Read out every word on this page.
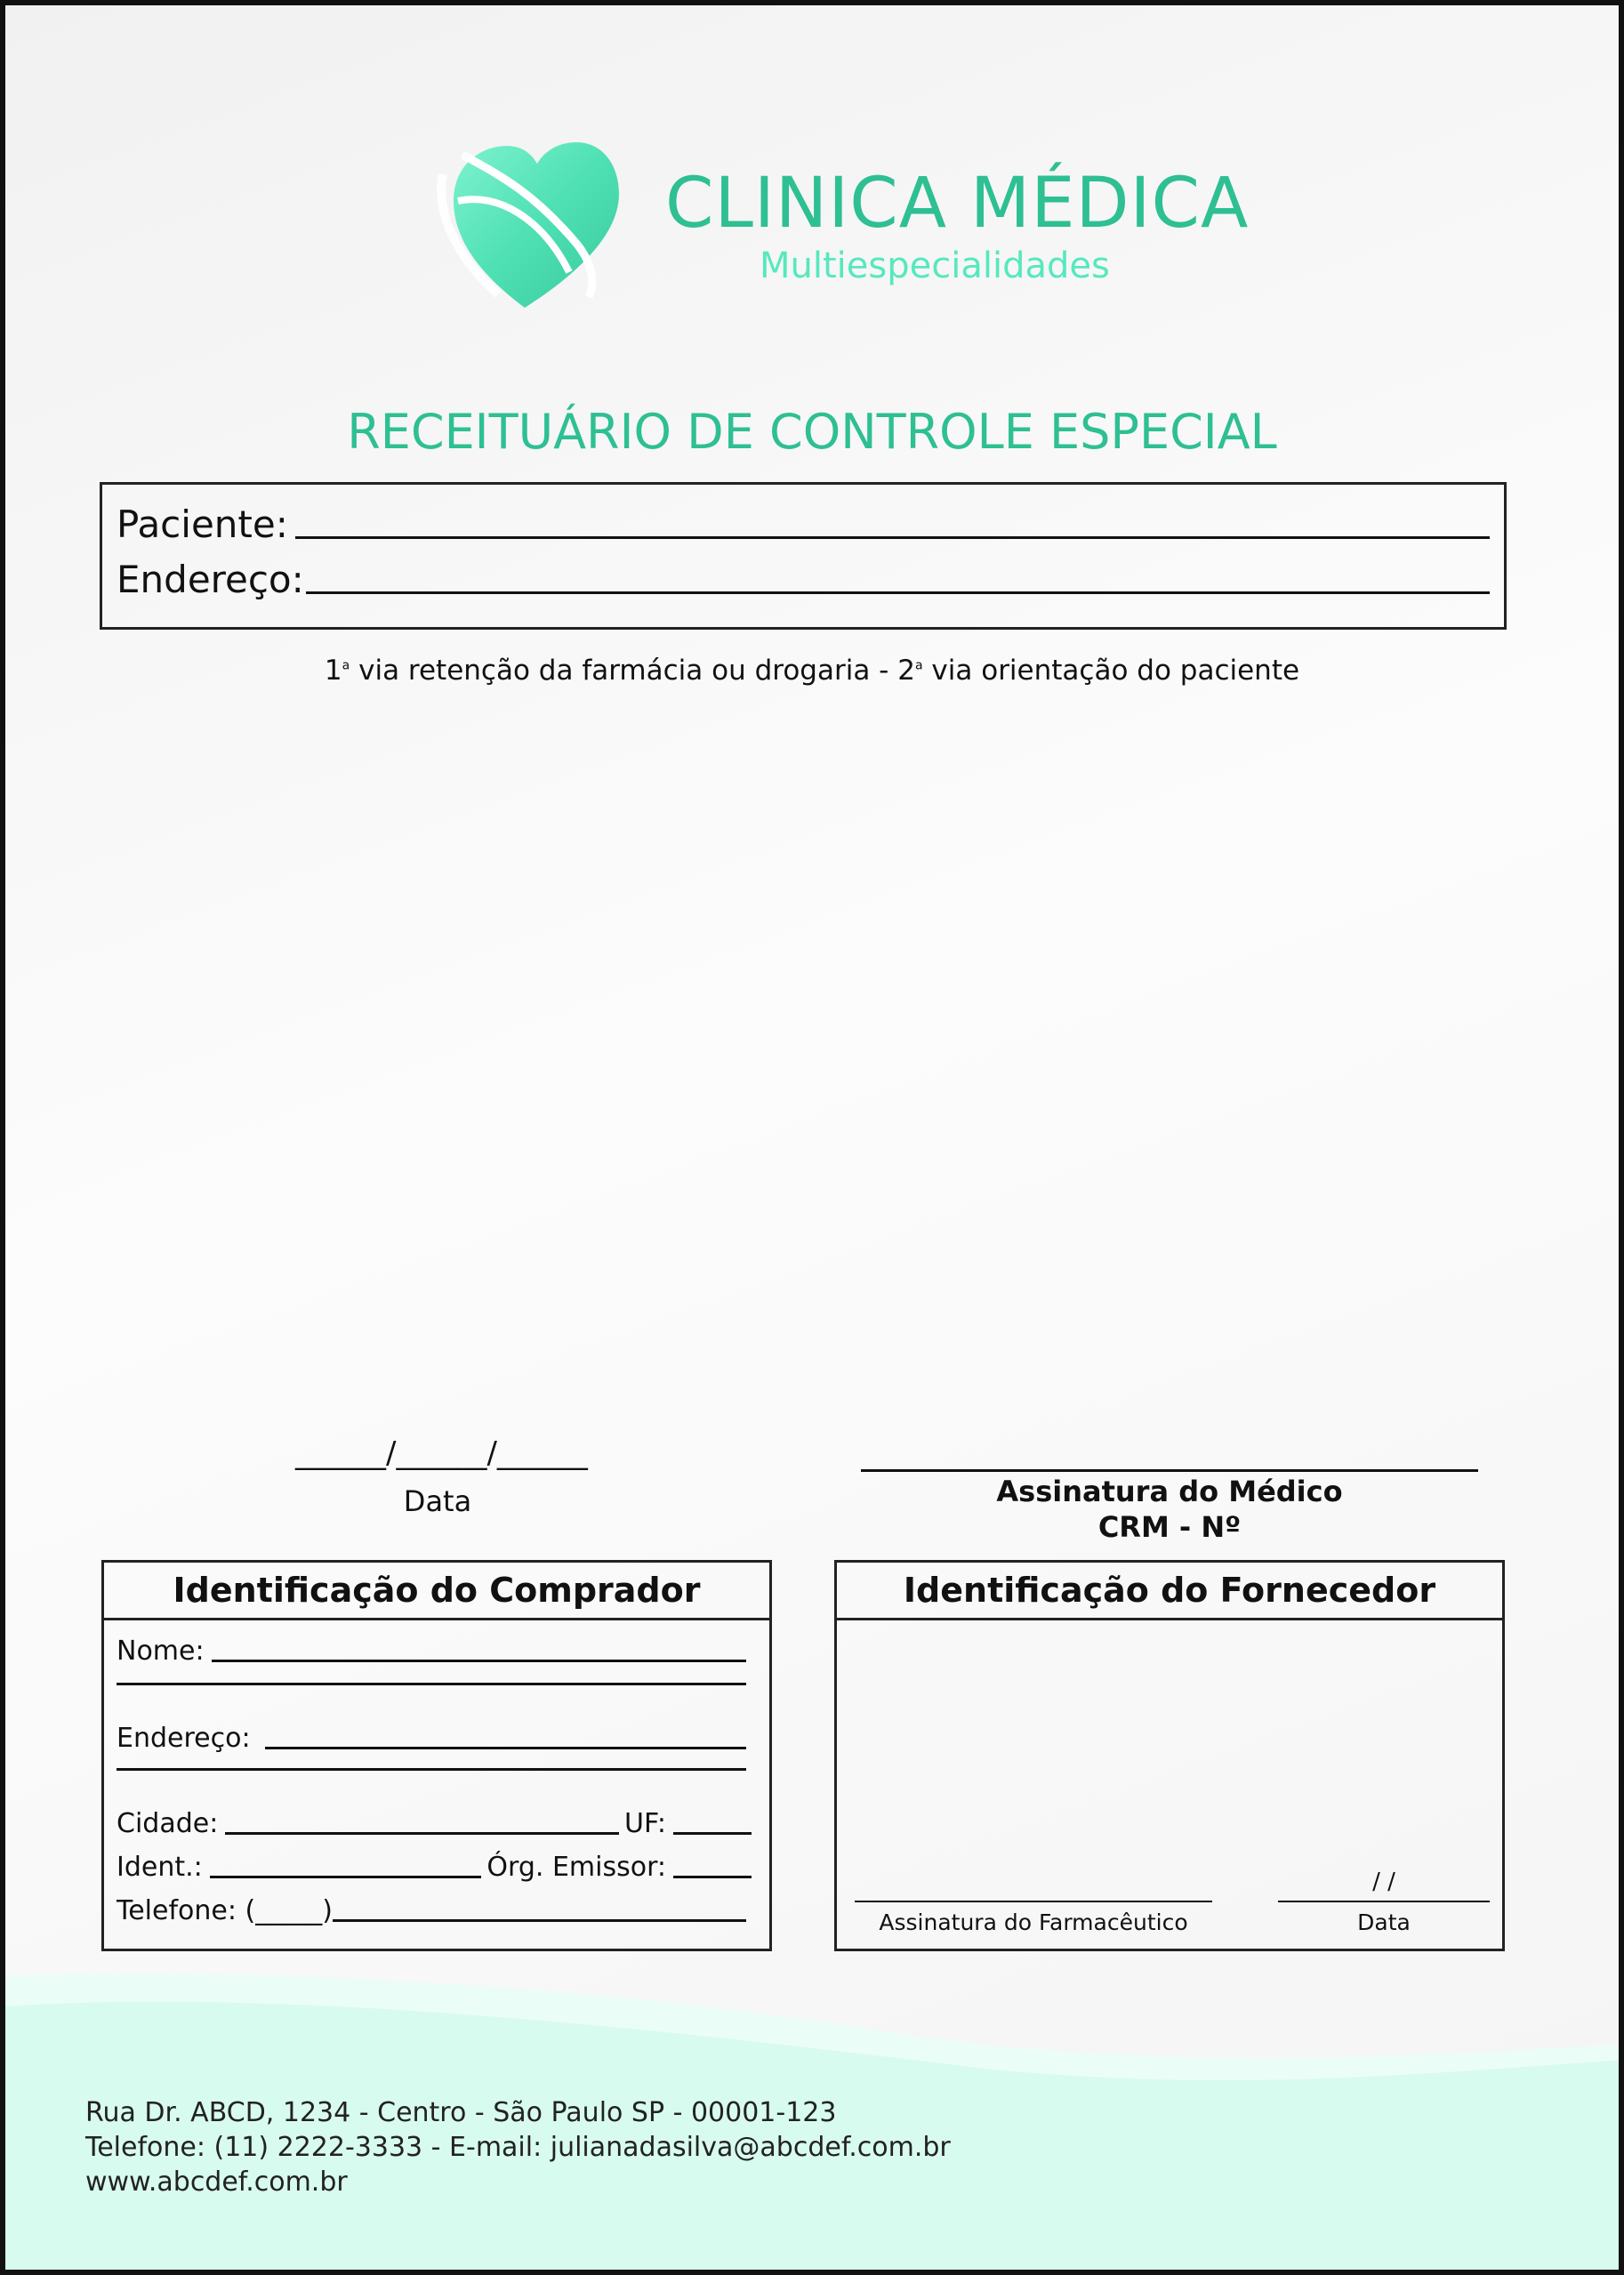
CLINICA MÉDICA
Multiespecialidades
RECEITUÁRIO DE CONTROLE ESPECIAL
Paciente:
Endereço:
1$^a$ via retenção da farmácia ou drogaria - 2$^a$ via orientação do paciente
______/______/______
Data	Assinatura do Médico
CRM - Nº
Identificação do Comprador
Nome:
Endereço:
Cidade:	UF:
Ident.:	Órg. Emissor:
Telefone: (_____)
Identificação do Fornecedor
/ /
Assinatura do Farmacêutico	Data
Rua Dr. ABCD, 1234 - Centro - São Paulo SP - 00001-123
Telefone: (11) 2222-3333 - E-mail: julianadasilva@abcdef.com.br
www.abcdef.com.br
